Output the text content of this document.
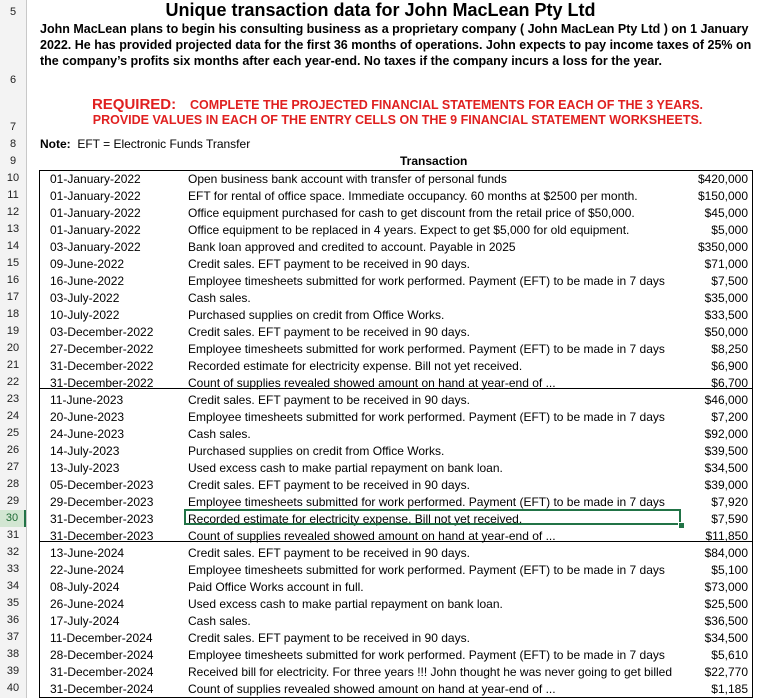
5
6
7
8
9
10
11
12
13
14
15
16
17
18
19
20
21
22
23
24
25
26
27
28
29
30
31
32
33
34
35
36
37
38
39
40
Unique transaction data for John MacLean Pty Ltd
John MacLean plans to begin his consulting business as a proprietary company ( John MacLean Pty Ltd ) on 1 January 2022. He has provided projected data for the first 36 months of operations. John expects to pay income taxes of 25% on the company’s profits six months after each year-end. No taxes if the company incurs a loss for the year.
REQUIRED: COMPLETE THE PROJECTED FINANCIAL STATEMENTS FOR EACH OF THE 3 YEARS.
PROVIDE VALUES IN EACH OF THE ENTRY CELLS ON THE 9 FINANCIAL STATEMENT WORKSHEETS.
Note: EFT = Electronic Funds Transfer
Transaction
01-January-2022	Open business bank account with transfer of personal funds	$420,000
01-January-2022	EFT for rental of office space. Immediate occupancy. 60 months at $2500 per month.	$150,000
01-January-2022	Office equipment purchased for cash to get discount from the retail price of $50,000.	$45,000
01-January-2022	Office equipment to be replaced in 4 years. Expect to get $5,000 for old equipment.	$5,000
03-January-2022	Bank loan approved and credited to account. Payable in 2025	$350,000
09-June-2022	Credit sales. EFT payment to be received in 90 days.	$71,000
16-June-2022	Employee timesheets submitted for work performed. Payment (EFT) to be made in 7 days	$7,500
03-July-2022	Cash sales.	$35,000
10-July-2022	Purchased supplies on credit from Office Works.	$33,500
03-December-2022	Credit sales. EFT payment to be received in 90 days.	$50,000
27-December-2022	Employee timesheets submitted for work performed. Payment (EFT) to be made in 7 days	$8,250
31-December-2022	Recorded estimate for electricity expense. Bill not yet received.	$6,900
31-December-2022	Count of supplies revealed showed amount on hand at year-end of ...	$6,700
11-June-2023	Credit sales. EFT payment to be received in 90 days.	$46,000
20-June-2023	Employee timesheets submitted for work performed. Payment (EFT) to be made in 7 days	$7,200
24-June-2023	Cash sales.	$92,000
14-July-2023	Purchased supplies on credit from Office Works.	$39,500
13-July-2023	Used excess cash to make partial repayment on bank loan.	$34,500
05-December-2023	Credit sales. EFT payment to be received in 90 days.	$39,000
29-December-2023	Employee timesheets submitted for work performed. Payment (EFT) to be made in 7 days	$7,920
31-December-2023	Recorded estimate for electricity expense. Bill not yet received.	$7,590
31-December-2023	Count of supplies revealed showed amount on hand at year-end of ...	$11,850
13-June-2024	Credit sales. EFT payment to be received in 90 days.	$84,000
22-June-2024	Employee timesheets submitted for work performed. Payment (EFT) to be made in 7 days	$5,100
08-July-2024	Paid Office Works account in full.	$73,000
26-June-2024	Used excess cash to make partial repayment on bank loan.	$25,500
17-July-2024	Cash sales.	$36,500
11-December-2024	Credit sales. EFT payment to be received in 90 days.	$34,500
28-December-2024	Employee timesheets submitted for work performed. Payment (EFT) to be made in 7 days	$5,610
31-December-2024	Received bill for electricity. For three years !!! John thought he was never going to get billed	$22,770
31-December-2024	Count of supplies revealed showed amount on hand at year-end of ...	$1,185
